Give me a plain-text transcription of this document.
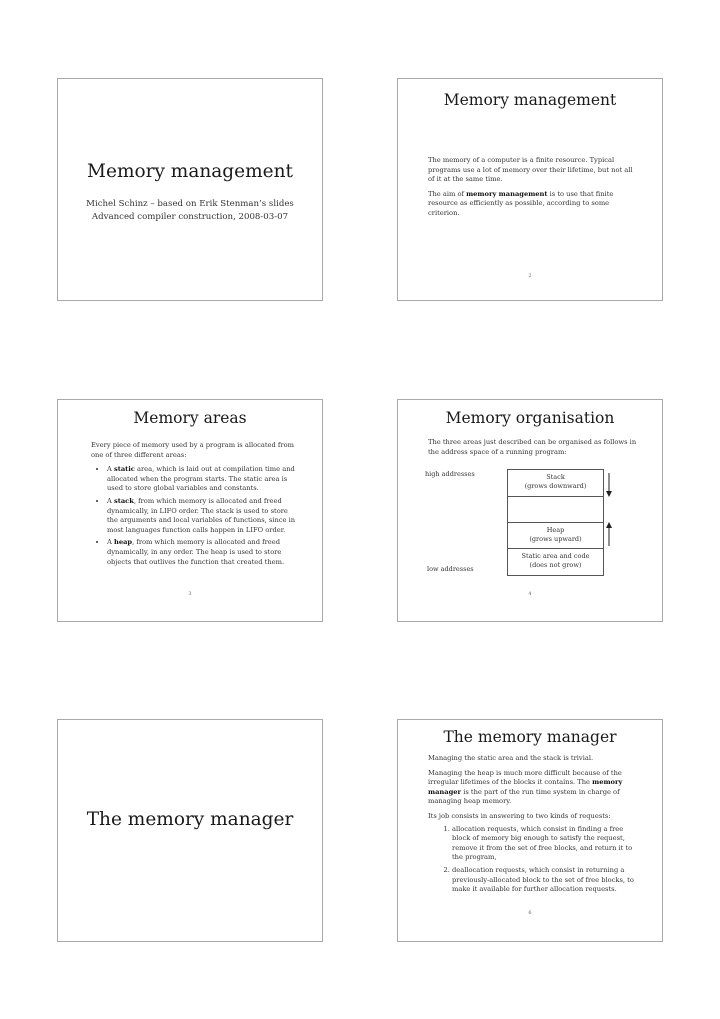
Memory management
Michel Schinz – based on Erik Stenman’s slides
Advanced compiler construction, 2008-03-07
Memory management

The memory of a computer is a finite resource. Typical programs use a lot of memory over their lifetime, but not all of it at the same time.

The aim of memory management is to use that finite resource as efficiently as possible, according to some criterion.

2
Memory areas

Every piece of memory used by a program is allocated from one of three different areas:

• A static area, which is laid out at compilation time and allocated when the program starts. The static area is used to store global variables and constants.
• A stack, from which memory is allocated and freed dynamically, in LIFO order. The stack is used to store the arguments and local variables of functions, since in most languages function calls happen in LIFO order.
• A heap, from which memory is allocated and freed dynamically, in any order. The heap is used to store objects that outlives the function that created them.
3
Memory organisation

The three areas just described can be organised as follows in the address space of a running program:

high addresses
low addresses
Stack
(grows downward)
Heap
(grows upward)
Static area and code
(does not grow)
4
The memory manager
The memory manager

Managing the static area and the stack is trivial.

Managing the heap is much more difficult because of the irregular lifetimes of the blocks it contains. The memory manager is the part of the run time system in charge of managing heap memory.

Its job consists in answering to two kinds of requests:

1. allocation requests, which consist in finding a free block of memory big enough to satisfy the request, remove it from the set of free blocks, and return it to the program,
2. deallocation requests, which consist in returning a previously-allocated block to the set of free blocks, to make it available for further allocation requests.
6
